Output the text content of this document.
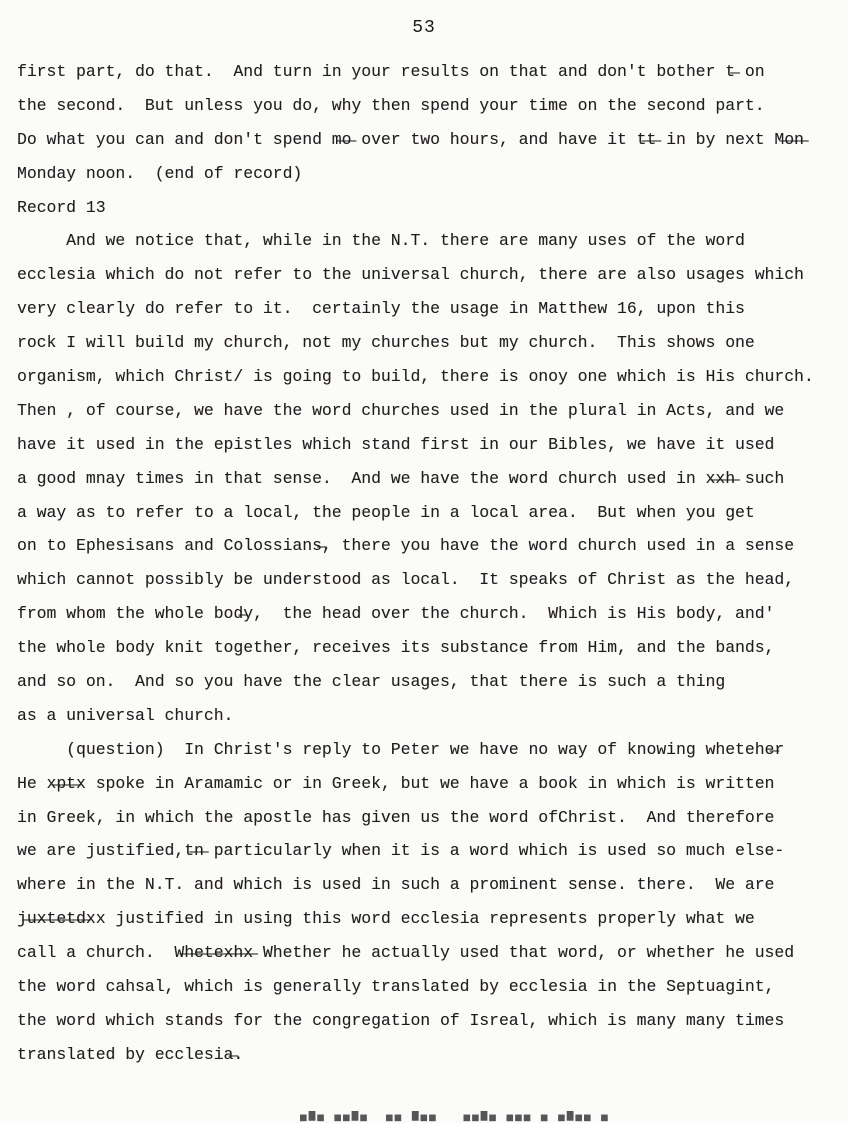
53
first part, do that.  And turn in your results on that and don't bother t̶ on
the second.  But unless you do, why then spend your time on the second part.
Do what you can and don't spend m̶o̶ over two hours, and have it t̶t̶ in by next M̶o̶n̶
Monday noon.  (end of record)
Record 13
And we notice that, while in the N.T. there are many uses of the word
ecclesia which do not refer to the universal church, there are also usages which
very clearly do refer to it.  certainly the usage in Matthew 16, upon this
rock I will build my church, not my churches but my church.  This shows one
organism, which Christ/ is going to build, there is onoy one which is His church.
Then , of course, we have the word churches used in the plural in Acts, and we
have it used in the epistles which stand first in our Bibles, we have it used
a good mnay times in that sense.  And we have the word church used in x̶x̶h̶ such
a way as to refer to a local, the people in a local area.  But when you get
on to Ephesisans and Colossians̶, there you have the word church used in a sense
which cannot possibly be understood as local.  It speaks of Christ as the head,
from whom the whole bod̶y,  the head over the church.  Which is His body, and'
the whole body knit together, receives its substance from Him, and the bands,
and so on.  And so you have the clear usages, that there is such a thing
as a universal church.
(question)  In Christ's reply to Peter we have no way of knowing whetehe̶r
He x̶p̶t̶x spoke in Aramamic or in Greek, but we have a book in which is written
in Greek, in which the apostle has given us the word ofChrist.  And therefore
we are justified,t̶n̶ particularly when it is a word which is used so much else-
where in the N.T. and which is used in such a prominent sense. there.  We are
j̶u̶x̶t̶e̶t̶d̶xx justified in using this word ecclesia represents properly what we
call a church.  W̶h̶e̶t̶e̶x̶h̶x̶ Whether he actually used that word, or whether he used
the word cahsal, which is generally translated by ecclesia in the Septuagint,
the word which stands for the congregation of Isreal, which is many many times
translated by ecclesia̶.
▄▆▄ ▄▄▆▄  ▄▄ ▆▄▄   ▄▄▆▄ ▄▄▄ ▄ ▄▆▄▄ ▄
